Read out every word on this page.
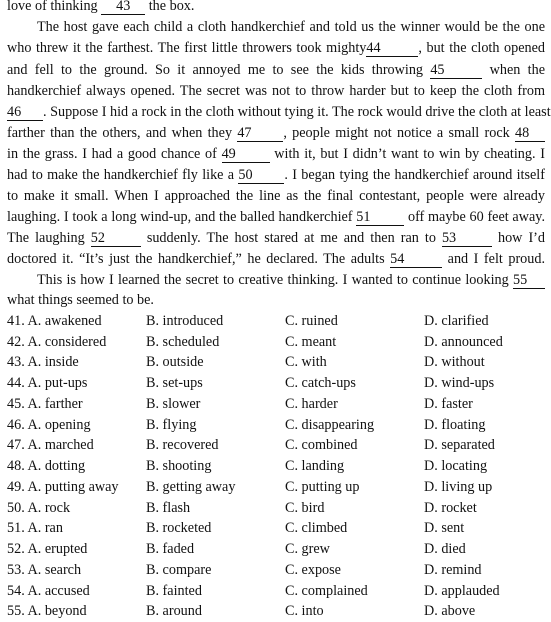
love of thinking 43 the box.
The host gave each child a cloth handkerchief and told us the winner would be the one
who threw it the farthest. The first little throwers took mighty44	, but the cloth opened
and fell to the ground. So it annoyed me to see the kids throwing 45	when the
handkerchief always opened. The secret was not to throw harder but to keep the cloth from
46 . Suppose I hid a rock in the cloth without tying it. The rock would drive the cloth at least
farther than the others, and when they 47 , people might not notice a small rock 48
in the grass. I had a good chance of 49 with it, but I didn’t want to win by cheating. I
had to make the handkerchief fly like a 50 . I began tying the handkerchief around itself
to make it small. When I approached the line as the final contestant, people were already
laughing. I took a long wind-up, and the balled handkerchief 51 off maybe 60 feet away.
The laughing 52	suddenly. The host stared at me and then ran to 53	how I’d
doctored it. “It’s just the handkerchief,” he declared. The adults 54	and I felt proud.
This is how I learned the secret to creative thinking. I wanted to continue looking 55
what things seemed to be.
41. A. awakened	B. introduced	C. ruined	D. clarified
42. A. considered	B. scheduled	C. meant	D. announced
43. A. inside	B. outside	C. with	D. without
44. A. put-ups	B. set-ups	C. catch-ups	D. wind-ups
45. A. farther	B. slower	C. harder	D. faster
46. A. opening	B. flying	C. disappearing	D. floating
47. A. marched	B. recovered	C. combined	D. separated
48. A. dotting	B. shooting	C. landing	D. locating
49. A. putting away B. getting away	C. putting up	D. living up
50. A. rock	B. flash	C. bird	D. rocket
51. A. ran	B. rocketed	C. climbed	D. sent
52. A. erupted	B. faded	C. grew	D. died
53. A. search	B. compare	C. expose	D. remind
54. A. accused	B. fainted	C. complained	D. applauded
55. A. beyond	B. around	C. into	D. above
